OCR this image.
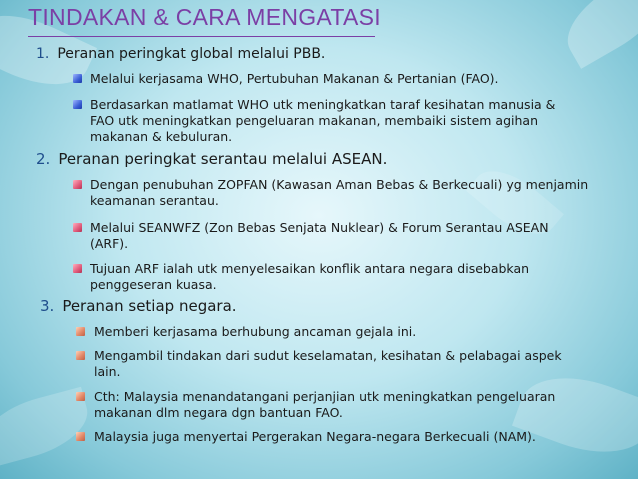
TINDAKAN & CARA MENGATASI
1. Peranan peringkat global melalui PBB.
Melalui kerjasama WHO, Pertubuhan Makanan & Pertanian (FAO).
Berdasarkan matlamat WHO utk meningkatkan taraf kesihatan manusia &
FAO utk meningkatkan pengeluaran makanan, membaiki sistem agihan
makanan & kebuluran.
2. Peranan peringkat serantau melalui ASEAN.
Dengan penubuhan ZOPFAN (Kawasan Aman Bebas & Berkecuali) yg menjamin
keamanan serantau.
Melalui SEANWFZ (Zon Bebas Senjata Nuklear) & Forum Serantau ASEAN
(ARF).
Tujuan ARF ialah utk menyelesaikan konflik antara negara disebabkan
penggeseran kuasa.
3. Peranan setiap negara.
Memberi kerjasama berhubung ancaman gejala ini.
Mengambil tindakan dari sudut keselamatan, kesihatan & pelabagai aspek
lain.
Cth: Malaysia menandatangani perjanjian utk meningkatkan pengeluaran
makanan dlm negara dgn bantuan FAO.
Malaysia juga menyertai Pergerakan Negara-negara Berkecuali (NAM).
